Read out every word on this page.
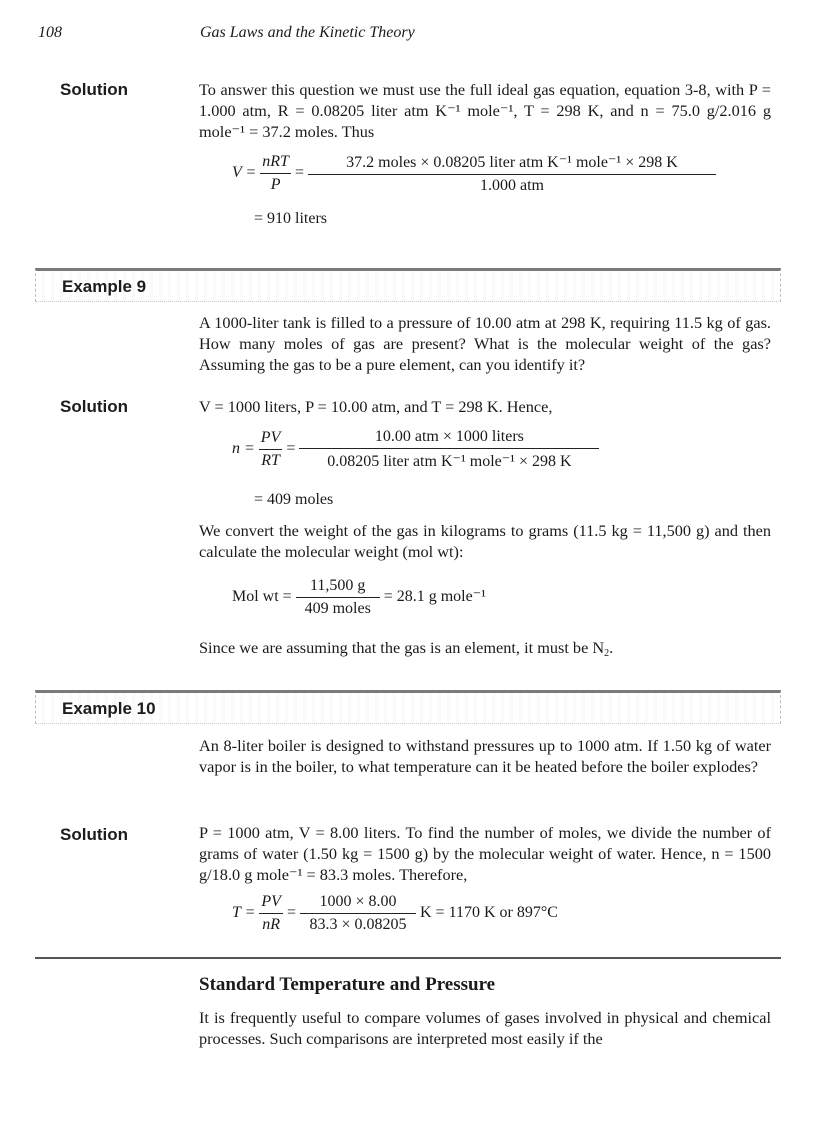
108	Gas Laws and the Kinetic Theory
Solution	To answer this question we must use the full ideal gas equation, equation 3-8, with P = 1.000 atm, R = 0.08205 liter atm K⁻¹ mole⁻¹, T = 298 K, and n = 75.0 g/2.016 g mole⁻¹ = 37.2 moles. Thus
$V = \frac{\text{nRT}}{P} = \frac{\text{37.2 moles × 0.08205 liter atm K⁻¹ mole⁻¹ × 298 K}}{\text{1.000 atm}}$
= 910 liters
Example 9
A 1000-liter tank is filled to a pressure of 10.00 atm at 298 K, requiring 11.5 kg of gas. How many moles of gas are present? What is the molecular weight of the gas? Assuming the gas to be a pure element, can you identify it?
Solution	V = 1000 liters, P = 10.00 atm, and T = 298 K. Hence,
$n = \frac{PV}{RT} = \frac{\text{10.00 atm × 1000 liters}}{\text{0.08205 liter atm K⁻¹ mole⁻¹ × 298 K}}$
= 409 moles
We convert the weight of the gas in kilograms to grams (11.5 kg = 11,500 g) and then calculate the molecular weight (mol wt):
Mol wt = $\frac{11,500 g}{\text{409 moles}} = 28.1$ g mole⁻¹
Since we are assuming that the gas is an element, it must be $N_2$.
Example 10
An 8-liter boiler is designed to withstand pressures up to 1000 atm. If 1.50 kg of water vapor is in the boiler, to what temperature can it be heated before the boiler explodes?
Solution	P = 1000 atm, V = 8.00 liters. To find the number of moles, we divide the number of grams of water (1.50 kg = 1500 g) by the molecular weight of water. Hence, n = 1500 g/18.0 g mole⁻¹ = 83.3 moles. Therefore,
$T = \frac{PV}{nR} = \frac{1000 \times 8.00}{83.3 \times 0.08205}$ K = 1170 K or 897°C
Standard Temperature and Pressure
It is frequently useful to compare volumes of gases involved in physical and chemical processes. Such comparisons are interpreted most easily if the
